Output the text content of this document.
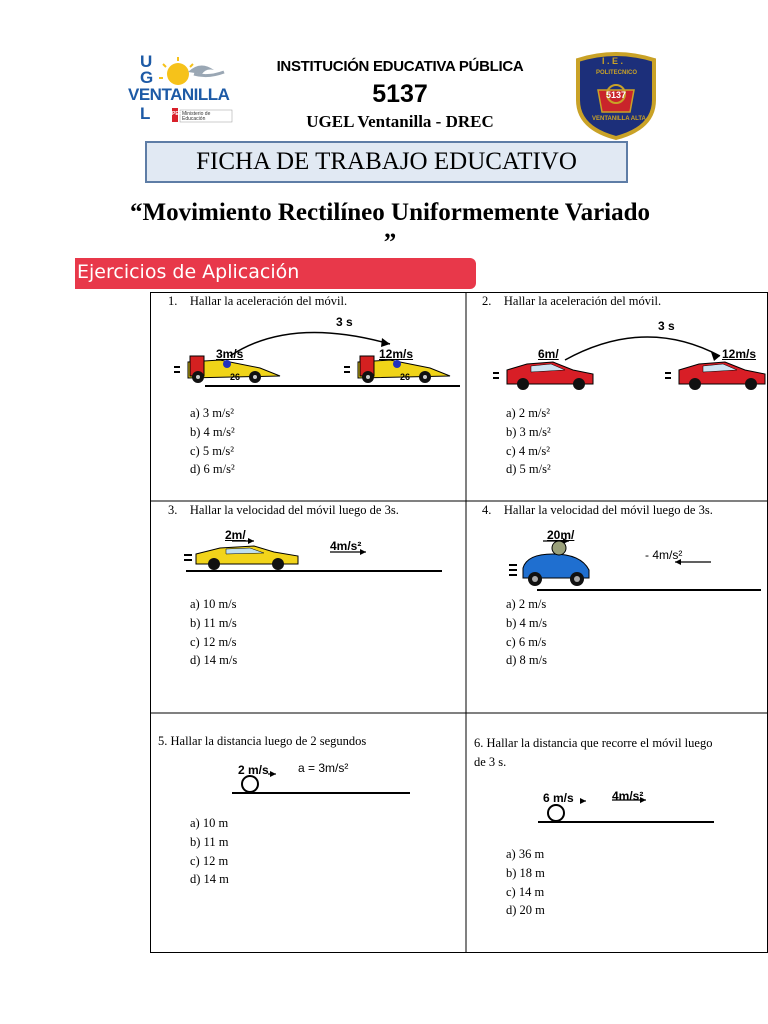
U
G
VENTANILLA
L	PERÚ
Ministerio de Educación
INSTITUCIÓN EDUCATIVA PÚBLICA
5137
UGEL Ventanilla - DREC
I . E .
POLITECNICO
5137
VENTANILLA ALTA
FICHA DE TRABAJO EDUCATIVO
“Movimiento Rectilíneo Uniformemente Variado
”
Ejercicios de Aplicación
1. Hallar la aceleración del móvil.
3 s
3m/s	12m/s
26	26
a) 3 m/s²
b) 4 m/s²
c) 5 m/s²
d) 6 m/s²
2. Hallar la aceleración del móvil.
3 s
6m/	12m/s
a) 2 m/s²
b) 3 m/s²
c) 4 m/s²
d) 5 m/s²
3. Hallar la velocidad del móvil luego de 3s.
2m/
4m/s²
a) 10 m/s
b) 11 m/s
c) 12 m/s
d) 14 m/s
4. Hallar la velocidad del móvil luego de 3s.
20m/
- 4m/s²
a) 2 m/s
b) 4 m/s
c) 6 m/s
d) 8 m/s
5. Hallar la distancia luego de 2 segundos
2 m/s a = 3m/s²
a) 10 m
b) 11 m
c) 12 m
d) 14 m
6. Hallar la distancia que recorre el móvil luego
de 3 s.
6 m/s	4m/s²
a) 36 m
b) 18 m
c) 14 m
d) 20 m
